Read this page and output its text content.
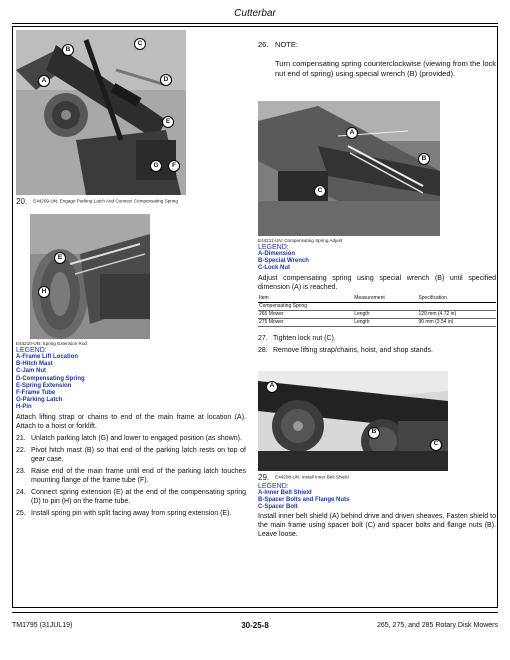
Cutterbar
C
B
A	D
E
G	F
20. E44209-UN: Engage Parking Latch And Connect Compensating Spring
E
H
E44210-UN: Spring Extension Rod
LEGEND:
A-Frame Lift Location
B-Hitch Mast
C-Jam Nut
D-Compensating Spring
E-Spring Extension
F-Frame Tube
G-Parking Latch
H-Pin
Attach lifting strap or chains to end of the main frame at location (A). Attach to a hoist or forklift.
21. Unlatch parking latch (G) and lower to engaged position (as shown).
22. Pivot hitch mast (B) so that end of the parking latch rests on top of gear case.
23. Raise end of the main frame until end of the parking latch touches mounting flange of the frame tube (F).
24. Connect spring extension (E) at the end of the compensating spring (D) to pin (H) on the frame tube.
25. Install spring pin with split facing away from spring extension (E).
26. NOTE:
Turn compensating spring counterclockwise (viewing from the lock nut end of spring) using special wrench (B) (provided).
A
B
C
E44211-UN: Compensating Spring Adjust
LEGEND:
A-Dimension
B-Special Wrench
C-Lock Nut
Adjust compensating spring using special wrench (B) until specified dimension (A) is reached.
Item	Measurement	Specification
Compensating Spring		
265 Mower	Length	120 mm (4.72 in)
275 Mower	Length	90 mm (3.54 in)
27. Tighten lock nut (C).
28. Remove lifting strap/chains, hoist, and shop stands.
A
B
C
29. E44208-UN: Install Inner Belt Shield
LEGEND:
A-Inner Belt Shield
B-Spacer Bolts and Flange Nuts
C-Spacer Bolt
Install inner belt shield (A) behind drive and driven sheaves. Fasten shield to the main frame using spacer bolt (C) and spacer bolts and flange nuts (B). Leave loose.
TM1795 (31JUL19)	30-25-8	265, 275, and 285 Rotary Disk Mowers
